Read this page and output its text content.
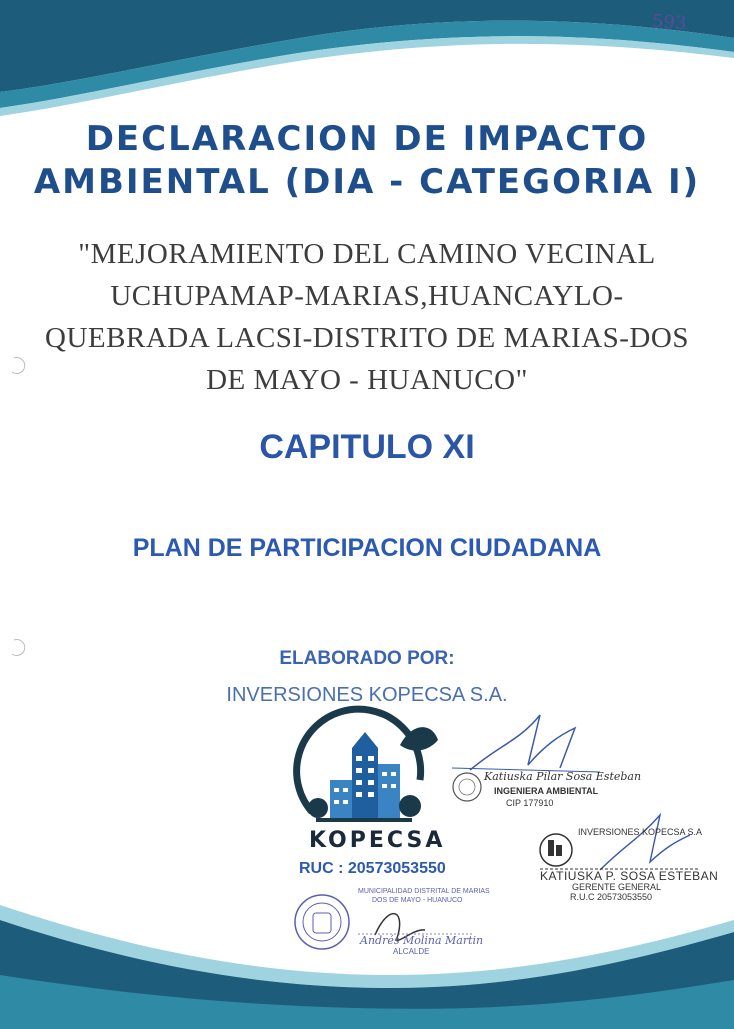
593
DECLARACION DE IMPACTO
AMBIENTAL (DIA - CATEGORIA I)
"MEJORAMIENTO DEL CAMINO VECINAL
UCHUPAMAP-MARIAS,HUANCAYLO-
QUEBRADA LACSI-DISTRITO DE MARIAS-DOS
DE MAYO - HUANUCO"
CAPITULO XI
PLAN DE PARTICIPACION CIUDADANA
ELABORADO POR:
INVERSIONES KOPECSA S.A.
KOPECSA
RUC : 20573053550
Katiuska Pilar Sosa Esteban
INGENIERA AMBIENTAL
CIP 177910
INVERSIONES KOPECSA S.A
KATIUSKA P. SOSA ESTEBAN
GERENTE GENERAL
R.U.C 20573053550
MUNICIPALIDAD DISTRITAL DE MARIAS
DOS DE MAYO - HUANUCO
Andrés Molina Martin
ALCALDE
